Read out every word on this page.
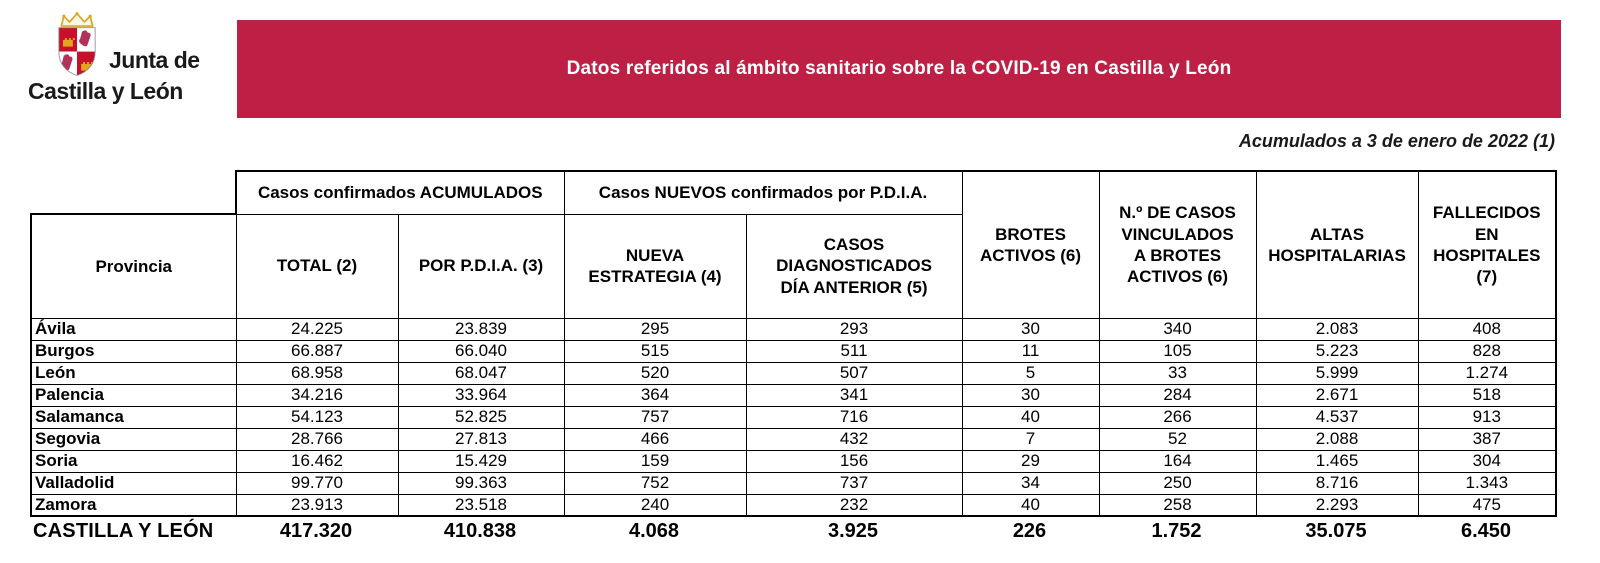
Junta de
Castilla y León
Datos referidos al ámbito sanitario sobre la COVID-19 en Castilla y León
Acumulados a 3 de enero de 2022 (1)
	Casos confirmados ACUMULADOS		Casos NUEVOS confirmados por P.D.I.A.		BROTES ACTIVOS (6)	N.º DE CASOS VINCULADOS A BROTES ACTIVOS (6)	ALTAS HOSPITALARIAS	FALLECIDOS EN HOSPITALES (7)
Provincia	TOTAL (2)	POR P.D.I.A. (3)	NUEVA ESTRATEGIA (4)	CASOS DIAGNOSTICADOS DÍA ANTERIOR (5)				
Ávila	24.225	23.839	295	293	30	340	2.083	408
Burgos	66.887	66.040	515	511	11	105	5.223	828
León	68.958	68.047	520	507	5	33	5.999	1.274
Palencia	34.216	33.964	364	341	30	284	2.671	518
Salamanca	54.123	52.825	757	716	40	266	4.537	913
Segovia	28.766	27.813	466	432	7	52	2.088	387
Soria	16.462	15.429	159	156	29	164	1.465	304
Valladolid	99.770	99.363	752	737	34	250	8.716	1.343
Zamora	23.913	23.518	240	232	40	258	2.293	475
CASTILLA Y LEÓN	417.320	410.838	4.068	3.925	226	1.752	35.075	6.450
